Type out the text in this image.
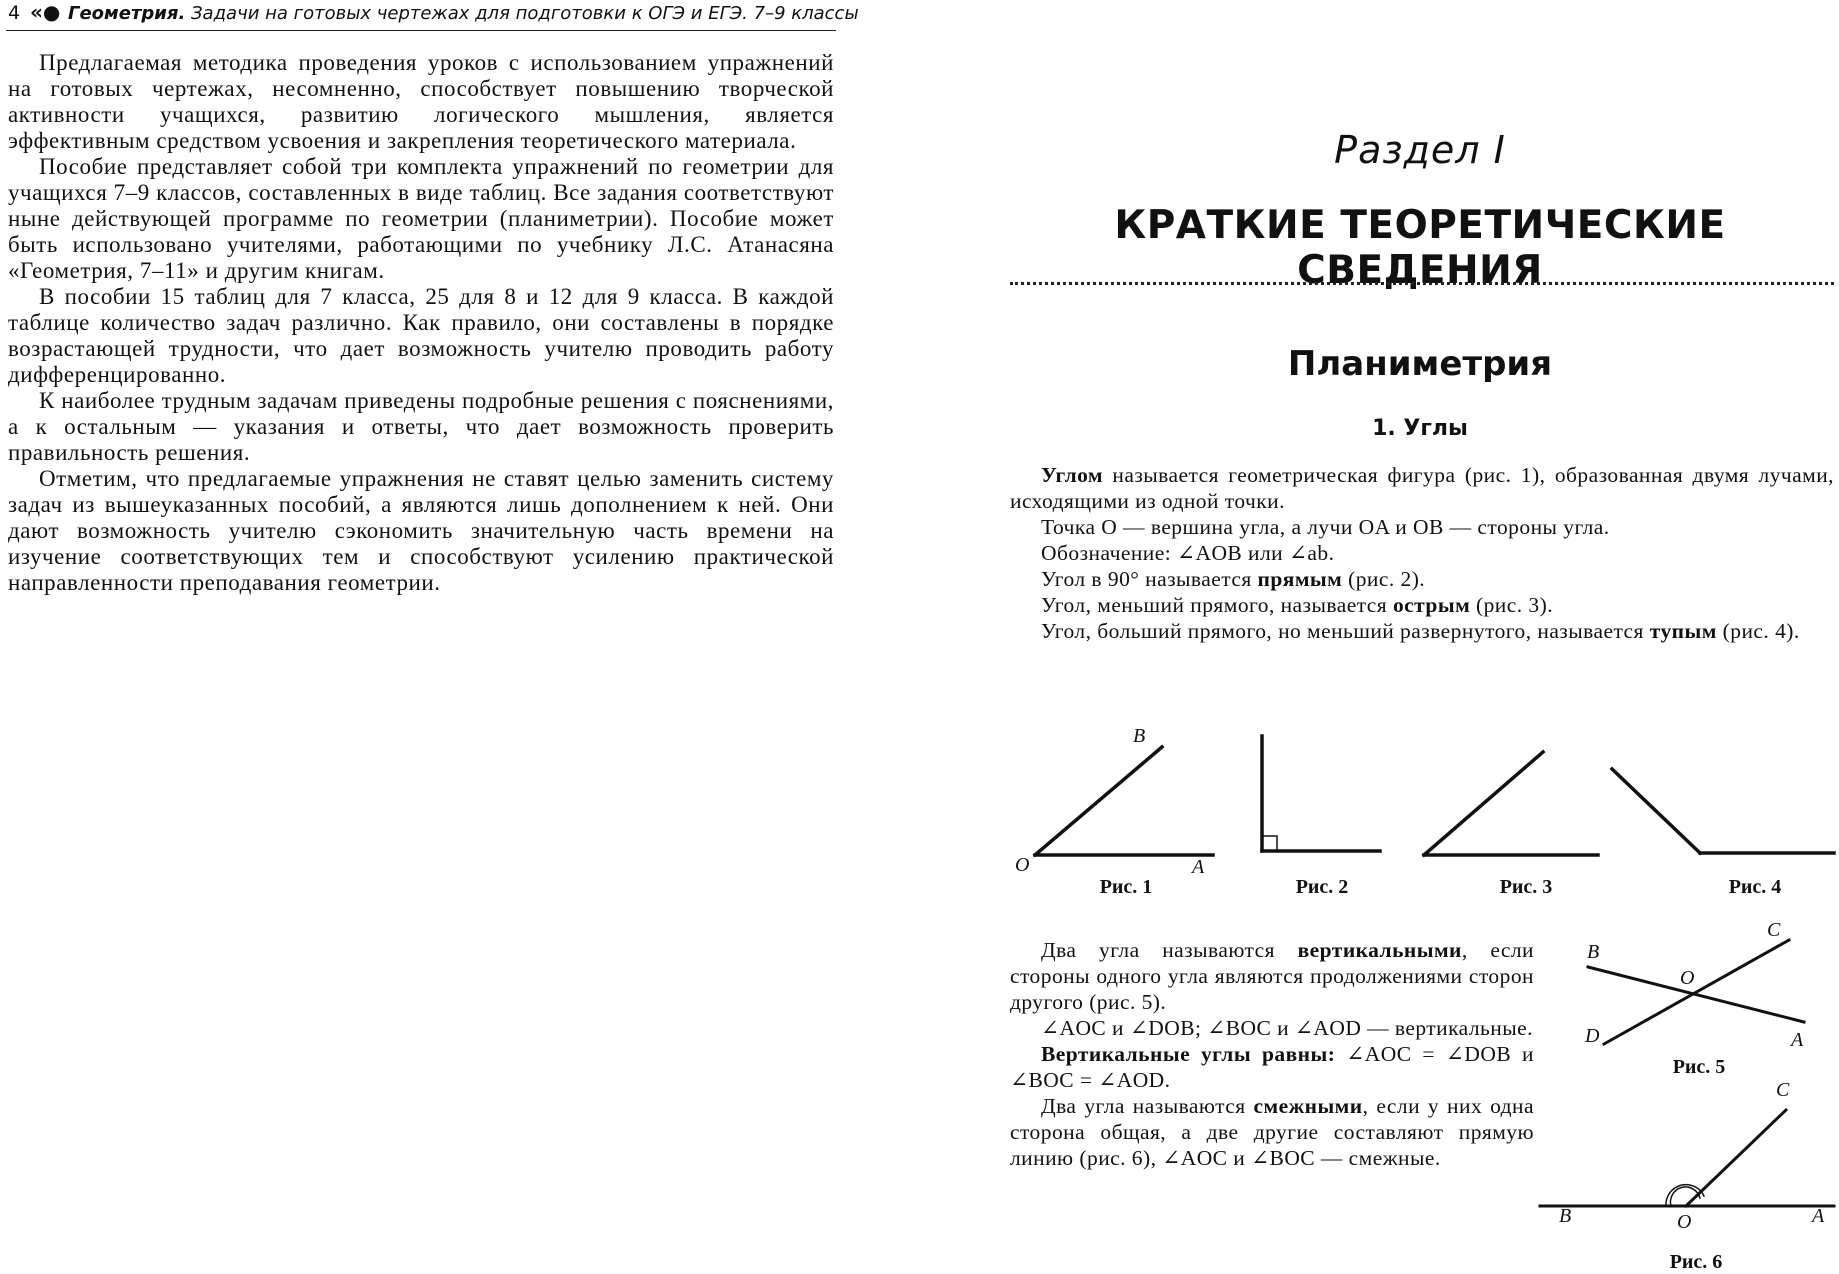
4 «● Геометрия. Задачи на готовых чертежах для подготовки к ОГЭ и ЕГЭ. 7–9 классы

Предлагаемая методика проведения уроков с использованием упражнений на готовых чертежах, несомненно, способствует повышению творческой активности учащихся, развитию логического мышления, является эффективным средством усвоения и закрепления теоретического материала.

Пособие представляет собой три комплекта упражнений по геометрии для учащихся 7–9 классов, составленных в виде таблиц. Все задания соответствуют ныне действующей программе по геометрии (планиметрии). Пособие может быть использовано учителями, работающими по учебнику Л.С. Атанасяна «Геометрия, 7–11» и другим книгам.

В пособии 15 таблиц для 7 класса, 25 для 8 и 12 для 9 класса. В каждой таблице количество задач различно. Как правило, они составлены в порядке возрастающей трудности, что дает возможность учителю проводить работу дифференцированно.

К наиболее трудным задачам приведены подробные решения с пояснениями, а к остальным — указания и ответы, что дает возможность проверить правильность решения.

Отметим, что предлагаемые упражнения не ставят целью заменить систему задач из вышеуказанных пособий, а являются лишь дополнением к ней. Они дают возможность учителю сэкономить значительную часть времени на изучение соответствующих тем и способствуют усилению практической направленности преподавания геометрии.

Раздел I
КРАТКИЕ ТЕОРЕТИЧЕСКИЕ СВЕДЕНИЯ
Планиметрия
1. Углы

Углом называется геометрическая фигура (рис. 1), образованная двумя лучами, исходящими из одной точки.

Точка O — вершина угла, а лучи OA и OB — стороны угла.

Обозначение: ∠AOB или ∠ab.

Угол в 90° называется прямым (рис. 2).

Угол, меньший прямого, называется острым (рис. 3).

Угол, больший прямого, но меньший развернутого, называется тупым (рис. 4).

Два угла называются вертикальными, если стороны одного угла являются продолжениями сторон другого (рис. 5).

∠AOC и ∠DOB; ∠BOC и ∠AOD — вертикальные.

Вертикальные углы равны: ∠AOC = ∠DOB и ∠BOC = ∠AOD.

Два угла называются смежными, если у них одна сторона общая, а две другие составляют прямую линию (рис. 6), ∠AOC и ∠BOC — смежные.

B
O	A
B
C
O
D	A
C
B	O	A
Рис. 1	Рис. 2	Рис. 3	Рис. 4
Рис. 5
Рис. 6
